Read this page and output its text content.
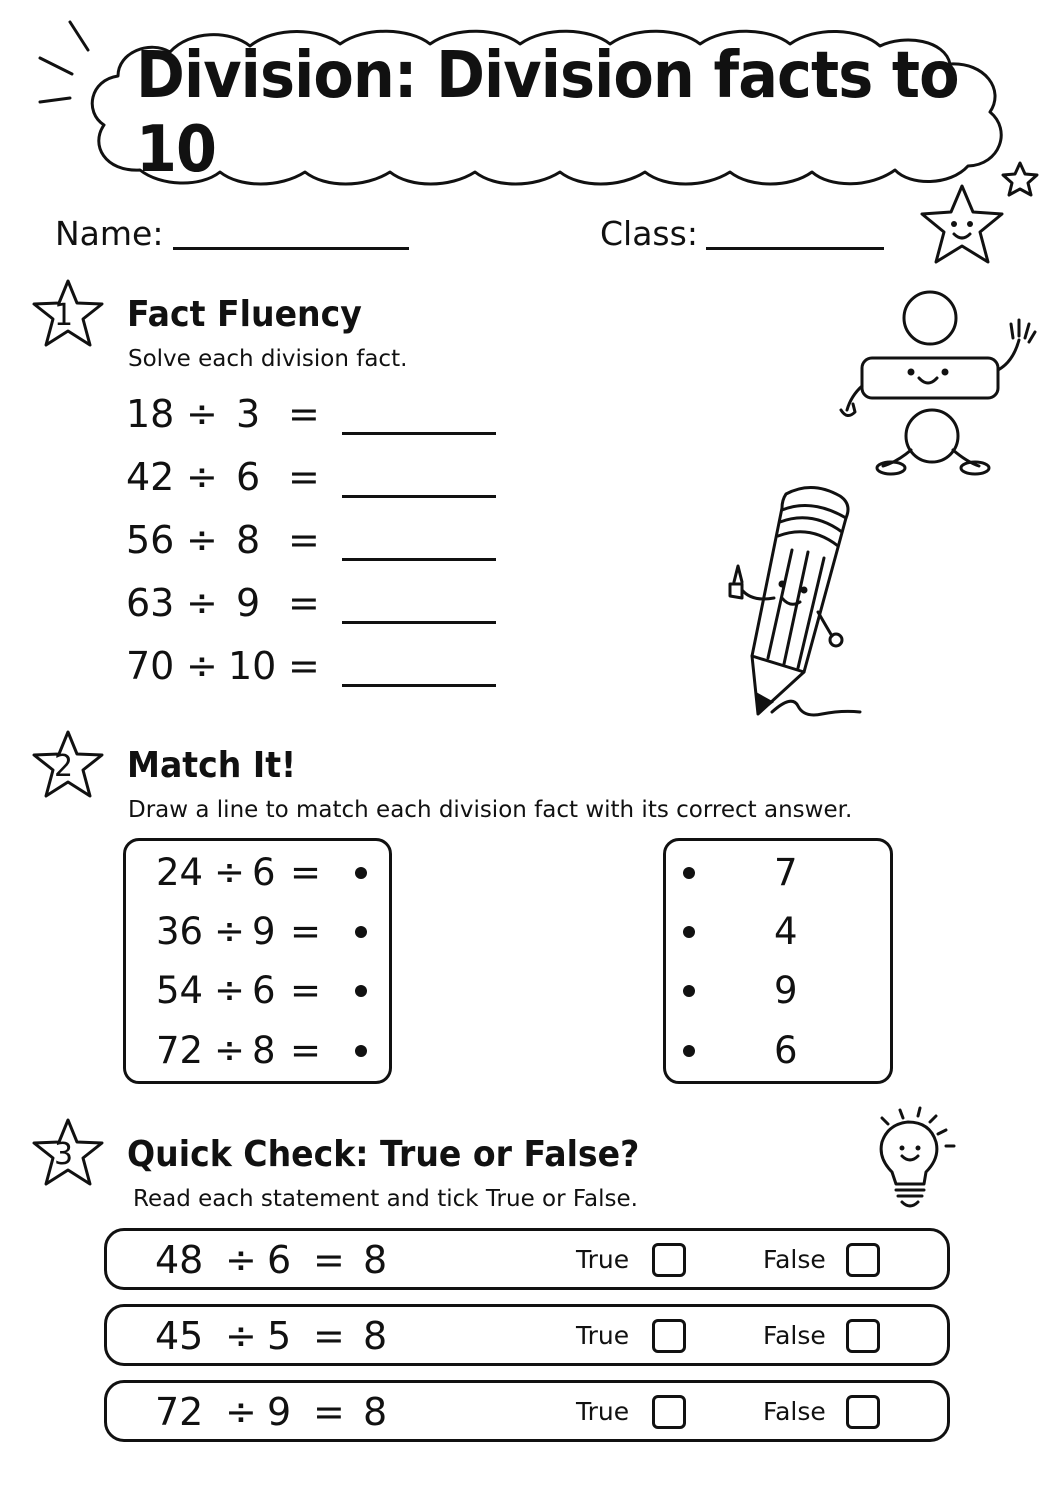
Division: Division facts to 10
Name:	Class:
1
2
3
Fact Fluency
Solve each division fact.
18 ÷ 3 =
42 ÷ 6 =
56 ÷ 8 =
63 ÷ 9 =
70 ÷ 10 =
Match It!
Draw a line to match each division fact with its correct answer.
24 ÷ 6 =
36 ÷ 9 =
54 ÷ 6 =
72 ÷ 8 =
7
4
9
6
Quick Check: True or False?
Read each statement and tick True or False.
48 ÷ 6 = 8	True	False
45 ÷ 5 = 8	True	False
72 ÷ 9 = 8	True	False
